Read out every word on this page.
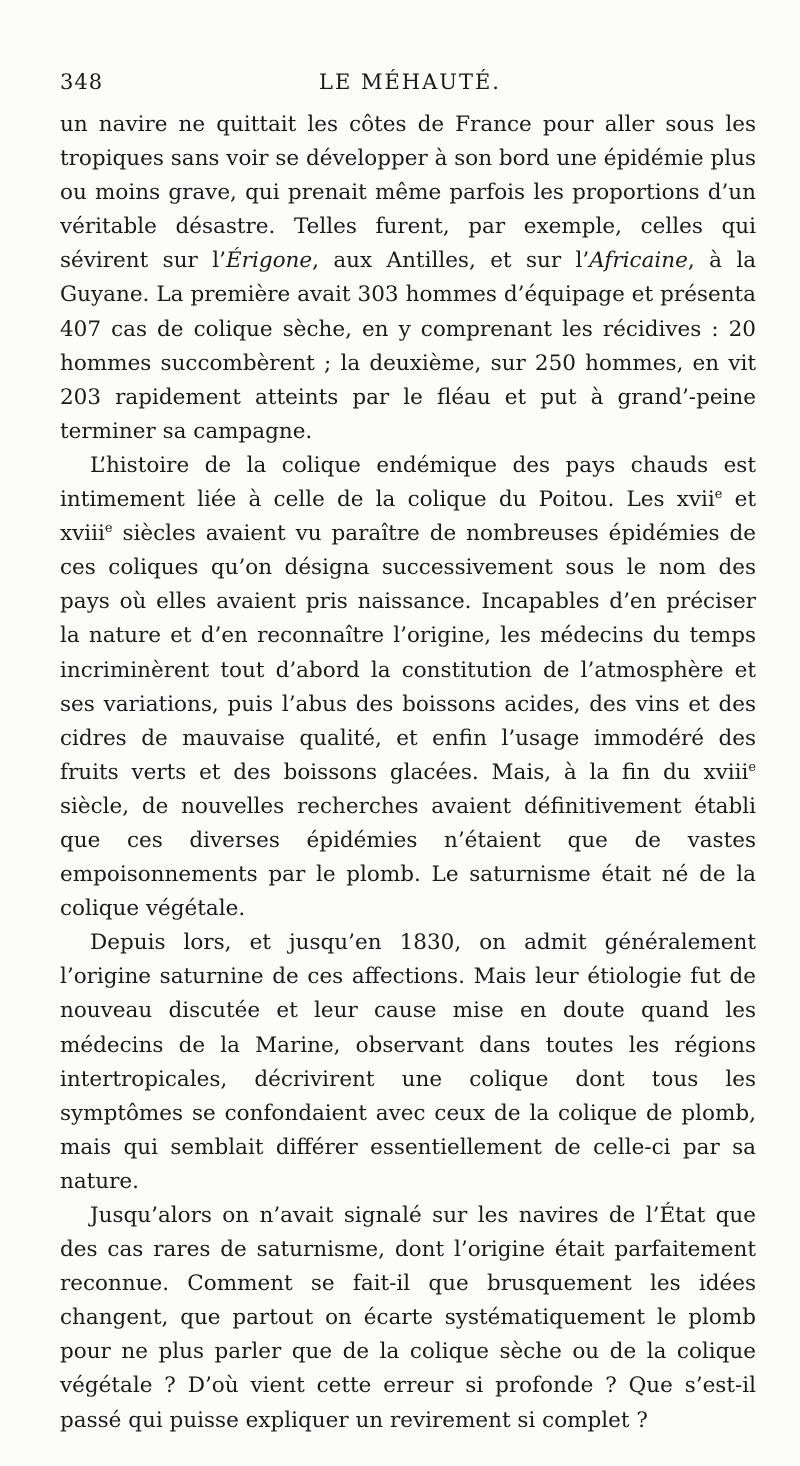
348	LE MÉHAUTÉ.

un navire ne quittait les côtes de France pour aller sous les tropiques sans voir se développer à son bord une épidémie plus ou moins grave, qui prenait même parfois les proportions d’un véritable désastre. Telles furent, par exemple, celles qui sévirent sur l’Érigone, aux Antilles, et sur l’Africaine, à la Guyane. La première avait 303 hommes d’équipage et présenta 407 cas de colique sèche, en y comprenant les récidives : 20 hommes succombèrent ; la deuxième, sur 250 hommes, en vit 203 rapidement atteints par le fléau et put à grand’-peine terminer sa campagne.

L’histoire de la colique endémique des pays chauds est intimement liée à celle de la colique du Poitou. Les xvii$^e$ et xviii$^e$ siècles avaient vu paraître de nombreuses épidémies de ces coliques qu’on désigna successivement sous le nom des pays où elles avaient pris naissance. Incapables d’en préciser la nature et d’en reconnaître l’origine, les médecins du temps incriminèrent tout d’abord la constitution de l’atmosphère et ses variations, puis l’abus des boissons acides, des vins et des cidres de mauvaise qualité, et enfin l’usage immodéré des fruits verts et des boissons glacées. Mais, à la fin du xviii$^e$ siècle, de nouvelles recherches avaient définitivement établi que ces diverses épidémies n’étaient que de vastes empoisonnements par le plomb. Le saturnisme était né de la colique végétale.

Depuis lors, et jusqu’en 1830, on admit généralement l’origine saturnine de ces affections. Mais leur étiologie fut de nouveau discutée et leur cause mise en doute quand les médecins de la Marine, observant dans toutes les régions intertropicales, décrivirent une colique dont tous les symptômes se confondaient avec ceux de la colique de plomb, mais qui semblait différer essentiellement de celle-ci par sa nature.

Jusqu’alors on n’avait signalé sur les navires de l’État que des cas rares de saturnisme, dont l’origine était parfaitement reconnue. Comment se fait-il que brusquement les idées changent, que partout on écarte systématiquement le plomb pour ne plus parler que de la colique sèche ou de la colique végétale ? D’où vient cette erreur si profonde ? Que s’est-il passé qui puisse expliquer un revirement si complet ?
